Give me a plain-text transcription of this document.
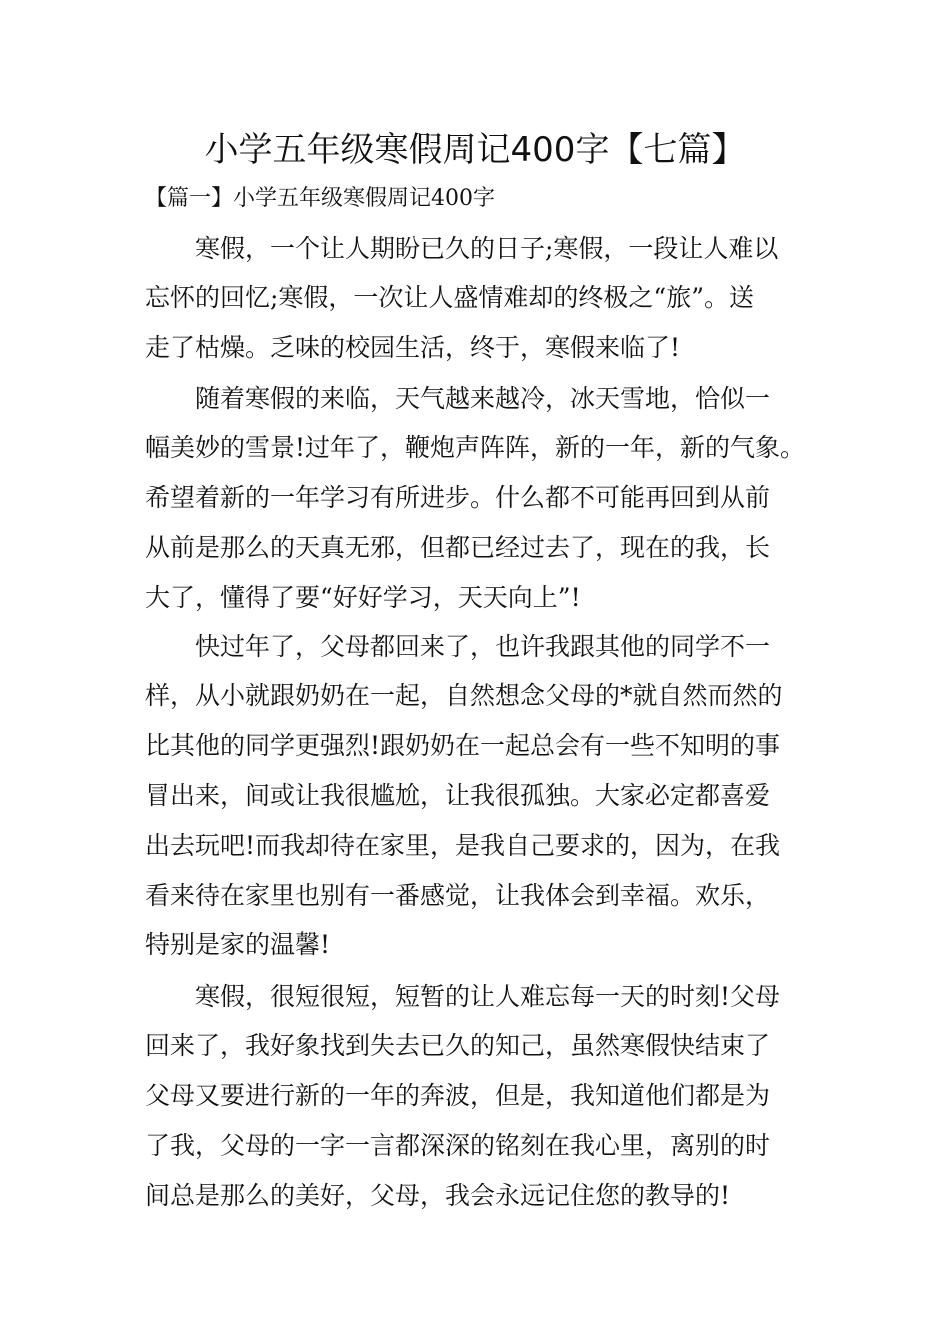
小学五年级寒假周记400字【七篇】

【篇一】小学五年级寒假周记400字

寒假，一个让人期盼已久的日子;寒假，一段让人难以

忘怀的回忆;寒假，一次让人盛情难却的终极之“旅”。送

走了枯燥。乏味的校园生活，终于，寒假来临了!

随着寒假的来临，天气越来越冷，冰天雪地，恰似一

幅美妙的雪景!过年了，鞭炮声阵阵，新的一年，新的气象。

希望着新的一年学习有所进步。什么都不可能再回到从前

从前是那么的天真无邪，但都已经过去了，现在的我，长

大了，懂得了要“好好学习，天天向上”!

快过年了，父母都回来了，也许我跟其他的同学不一

样，从小就跟奶奶在一起，自然想念父母的*就自然而然的

比其他的同学更强烈!跟奶奶在一起总会有一些不知明的事

冒出来，间或让我很尴尬，让我很孤独。大家必定都喜爱

出去玩吧!而我却待在家里，是我自己要求的，因为，在我

看来待在家里也别有一番感觉，让我体会到幸福。欢乐，

特别是家的温馨!

寒假，很短很短，短暂的让人难忘每一天的时刻!父母

回来了，我好象找到失去已久的知己，虽然寒假快结束了

父母又要进行新的一年的奔波，但是，我知道他们都是为

了我，父母的一字一言都深深的铭刻在我心里，离别的时

间总是那么的美好，父母，我会永远记住您的教导的!
